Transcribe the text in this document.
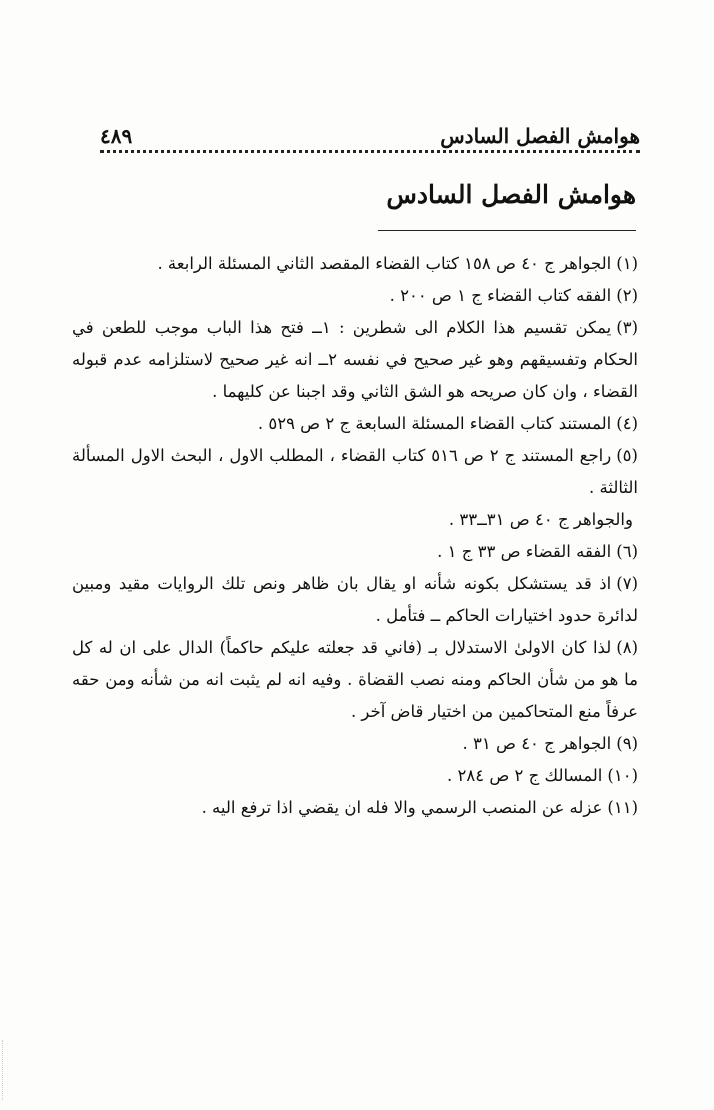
هوامش الفصل السادس
٤٨٩
هوامش الفصل السادس

(١)الجواهر ج ٤٠ ص ١٥٨ كتاب القضاء المقصد الثاني المسئلة الرابعة .

(٢)الفقه كتاب القضاء ج ١ ص ٢٠٠ .

(٣)يمكن تقسيم هذا الكلام الى شطرين : ١ــ فتح هذا الباب موجب للطعن في الحكام وتفسيقهم وهو غير صحيح في نفسه ٢ــ انه غير صحيح لاستلزامه عدم قبوله القضاء ، وان كان صريحه هو الشق الثاني وقد اجبنا عن كليهما .

(٤)المستند كتاب القضاء المسئلة السابعة ج ٢ ص ٥٢٩ .

(٥)راجع المستند ج ٢ ص ٥١٦ كتاب القضاء ، المطلب الاول ، البحث الاول المسألة الثالثة .

والجواهر ج ٤٠ ص ٣١ــ٣٣ .

(٦)الفقه القضاء ص ٣٣ ج ١ .

(٧)اذ قد يستشكل بكونه شأنه او يقال بان ظاهر ونص تلك الروايات مقيد ومبين لدائرة حدود اختيارات الحاكم ــ فتأمل .

(٨)لذا كان الاولىٰ الاستدلال بـ (فاني قد جعلته عليكم حاكماً) الدال على ان له كل ما هو من شأن الحاكم ومنه نصب القضاة . وفيه انه لم يثبت انه من شأنه ومن حقه عرفاً منع المتحاكمين من اختيار قاض آخر .

(٩)الجواهر ج ٤٠ ص ٣١ .

(١٠)المسالك ج ٢ ص ٢٨٤ .

(١١)عزله عن المنصب الرسمي والا فله ان يقضي اذا ترفع اليه .
